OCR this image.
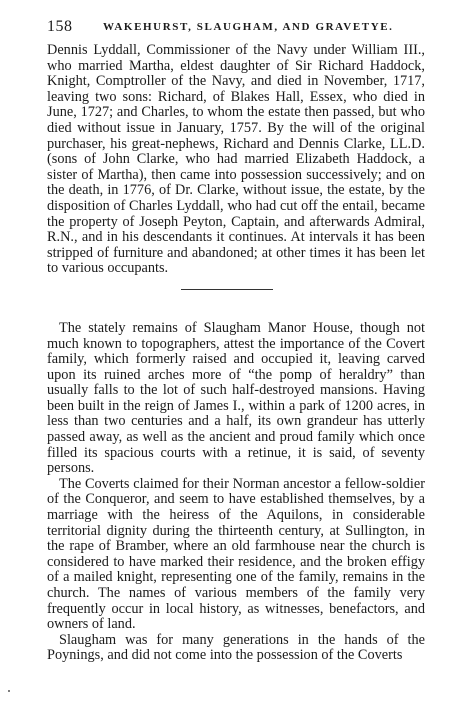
158	WAKEHURST, SLAUGHAM, AND GRAVETYE.

Dennis Lyddall, Commissioner of the Navy under William III., who married Martha, eldest daughter of Sir Richard Haddock, Knight, Comptroller of the Navy, and died in November, 1717, leaving two sons: Richard, of Blakes Hall, Essex, who died in June, 1727; and Charles, to whom the estate then passed, but who died without issue in January, 1757. By the will of the original purchaser, his great-nephews, Richard and Dennis Clarke, LL.D. (sons of John Clarke, who had married Elizabeth Haddock, a sister of Martha), then came into possession successively; and on the death, in 1776, of Dr. Clarke, without issue, the estate, by the disposition of Charles Lyddall, who had cut off the entail, became the property of Joseph Peyton, Captain, and afterwards Admiral, R.N., and in his descendants it continues. At intervals it has been stripped of furniture and abandoned; at other times it has been let to various occupants.

The stately remains of Slaugham Manor House, though not much known to topographers, attest the importance of the Covert family, which formerly raised and occupied it, leaving carved upon its ruined arches more of “the pomp of heraldry” than usually falls to the lot of such half-destroyed mansions. Having been built in the reign of James I., within a park of 1200 acres, in less than two centuries and a half, its own grandeur has utterly passed away, as well as the ancient and proud family which once filled its spacious courts with a retinue, it is said, of seventy persons.

The Coverts claimed for their Norman ancestor a fellow-soldier of the Conqueror, and seem to have established themselves, by a marriage with the heiress of the Aquilons, in considerable territorial dignity during the thirteenth century, at Sullington, in the rape of Bramber, where an old farmhouse near the church is considered to have marked their residence, and the broken effigy of a mailed knight, representing one of the family, remains in the church. The names of various members of the family very frequently occur in local history, as witnesses, benefactors, and owners of land.

Slaugham was for many generations in the hands of the Poynings, and did not come into the possession of the Coverts
